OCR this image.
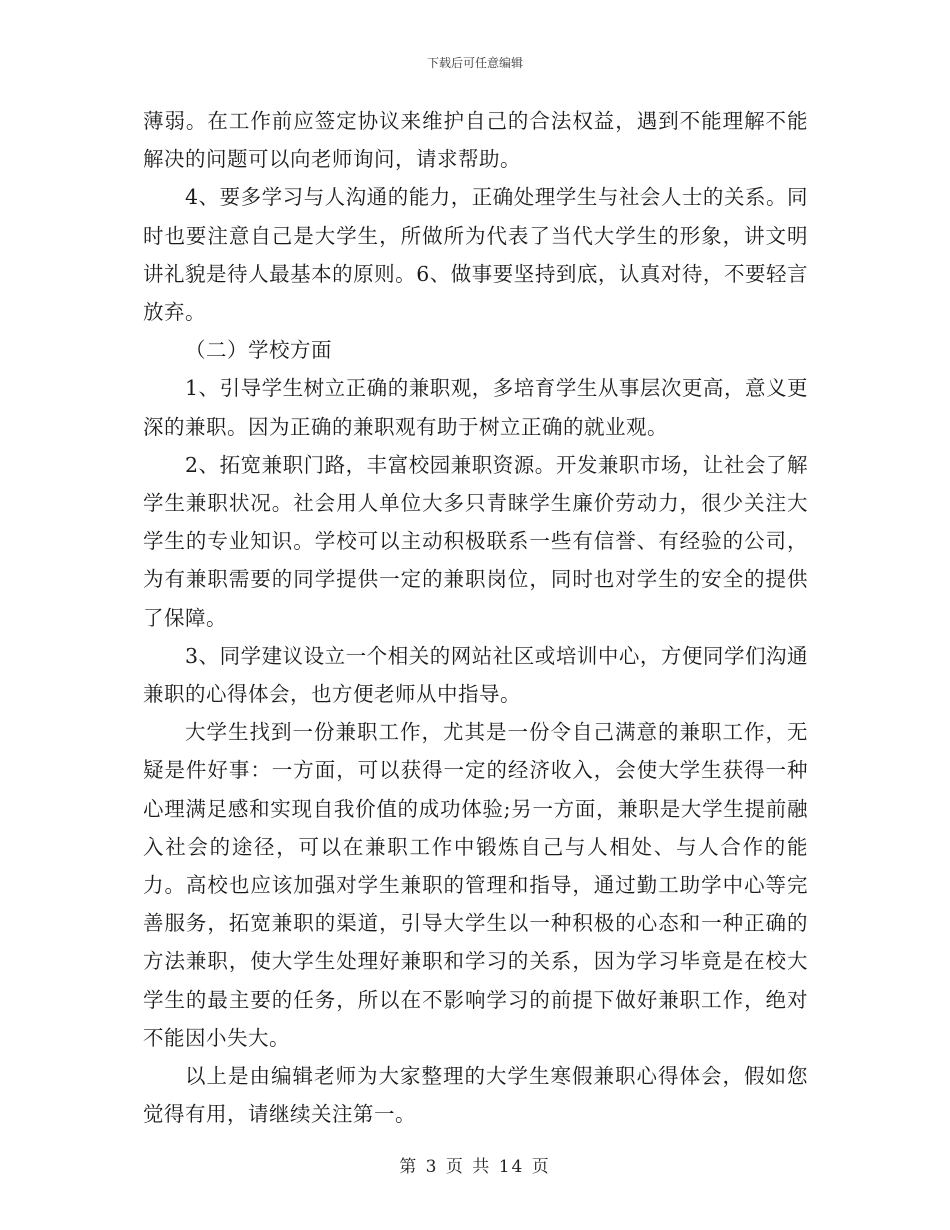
下载后可任意编辑

薄弱。在工作前应签定协议来维护自己的合法权益，遇到不能理解不能解决的问题可以向老师询问，请求帮助。

4、要多学习与人沟通的能力，正确处理学生与社会人士的关系。同时也要注意自己是大学生，所做所为代表了当代大学生的形象，讲文明讲礼貌是待人最基本的原则。6、做事要坚持到底，认真对待，不要轻言放弃。

（二）学校方面

1、引导学生树立正确的兼职观，多培育学生从事层次更高，意义更深的兼职。因为正确的兼职观有助于树立正确的就业观。

2、拓宽兼职门路，丰富校园兼职资源。开发兼职市场，让社会了解学生兼职状况。社会用人单位大多只青睐学生廉价劳动力，很少关注大学生的专业知识。学校可以主动积极联系一些有信誉、有经验的公司，为有兼职需要的同学提供一定的兼职岗位，同时也对学生的安全的提供了保障。

3、同学建议设立一个相关的网站社区或培训中心，方便同学们沟通兼职的心得体会，也方便老师从中指导。

大学生找到一份兼职工作，尤其是一份令自己满意的兼职工作，无疑是件好事：一方面，可以获得一定的经济收入，会使大学生获得一种心理满足感和实现自我价值的成功体验;另一方面，兼职是大学生提前融入社会的途径，可以在兼职工作中锻炼自己与人相处、与人合作的能力。高校也应该加强对学生兼职的管理和指导，通过勤工助学中心等完善服务，拓宽兼职的渠道，引导大学生以一种积极的心态和一种正确的方法兼职，使大学生处理好兼职和学习的关系，因为学习毕竟是在校大学生的最主要的任务，所以在不影响学习的前提下做好兼职工作，绝对不能因小失大。

以上是由编辑老师为大家整理的大学生寒假兼职心得体会，假如您觉得有用，请继续关注第一。

第 3 页 共 14 页
